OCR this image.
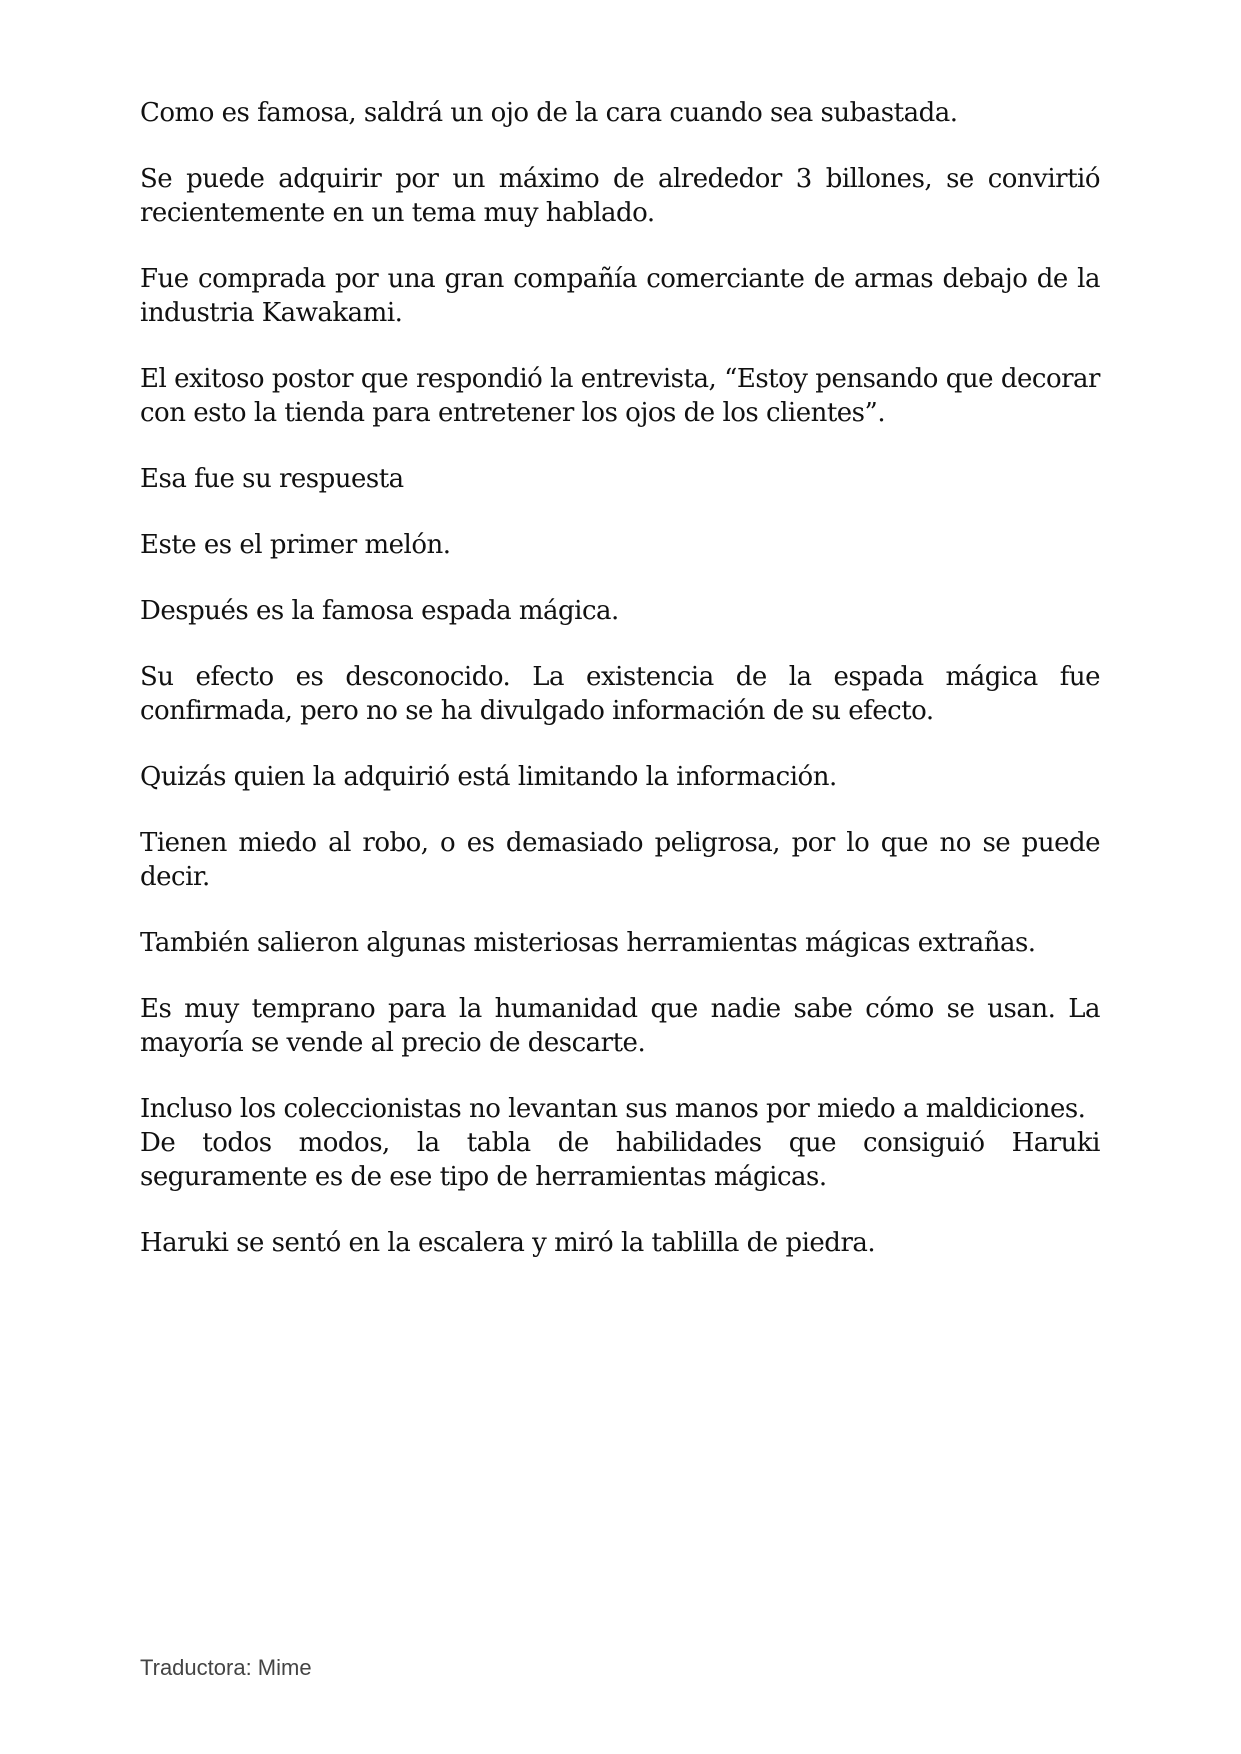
Como es famosa, saldrá un ojo de la cara cuando sea subastada.

Se puede adquirir por un máximo de alrededor 3 billones, se convirtió recientemente en un tema muy hablado.

Fue comprada por una gran compañía comerciante de armas debajo de la industria Kawakami.

El exitoso postor que respondió la entrevista, “Estoy pensando que decorar con esto la tienda para entretener los ojos de los clientes”.

Esa fue su respuesta

Este es el primer melón.

Después es la famosa espada mágica.

Su efecto es desconocido. La existencia de la espada mágica fue confirmada, pero no se ha divulgado información de su efecto.

Quizás quien la adquirió está limitando la información.

Tienen miedo al robo, o es demasiado peligrosa, por lo que no se puede decir.

También salieron algunas misteriosas herramientas mágicas extrañas.

Es muy temprano para la humanidad que nadie sabe cómo se usan. La mayoría se vende al precio de descarte.

Incluso los coleccionistas no levantan sus manos por miedo a maldiciones.

De todos modos, la tabla de habilidades que consiguió Haruki seguramente es de ese tipo de herramientas mágicas.

Haruki se sentó en la escalera y miró la tablilla de piedra.

Traductora: Mime
